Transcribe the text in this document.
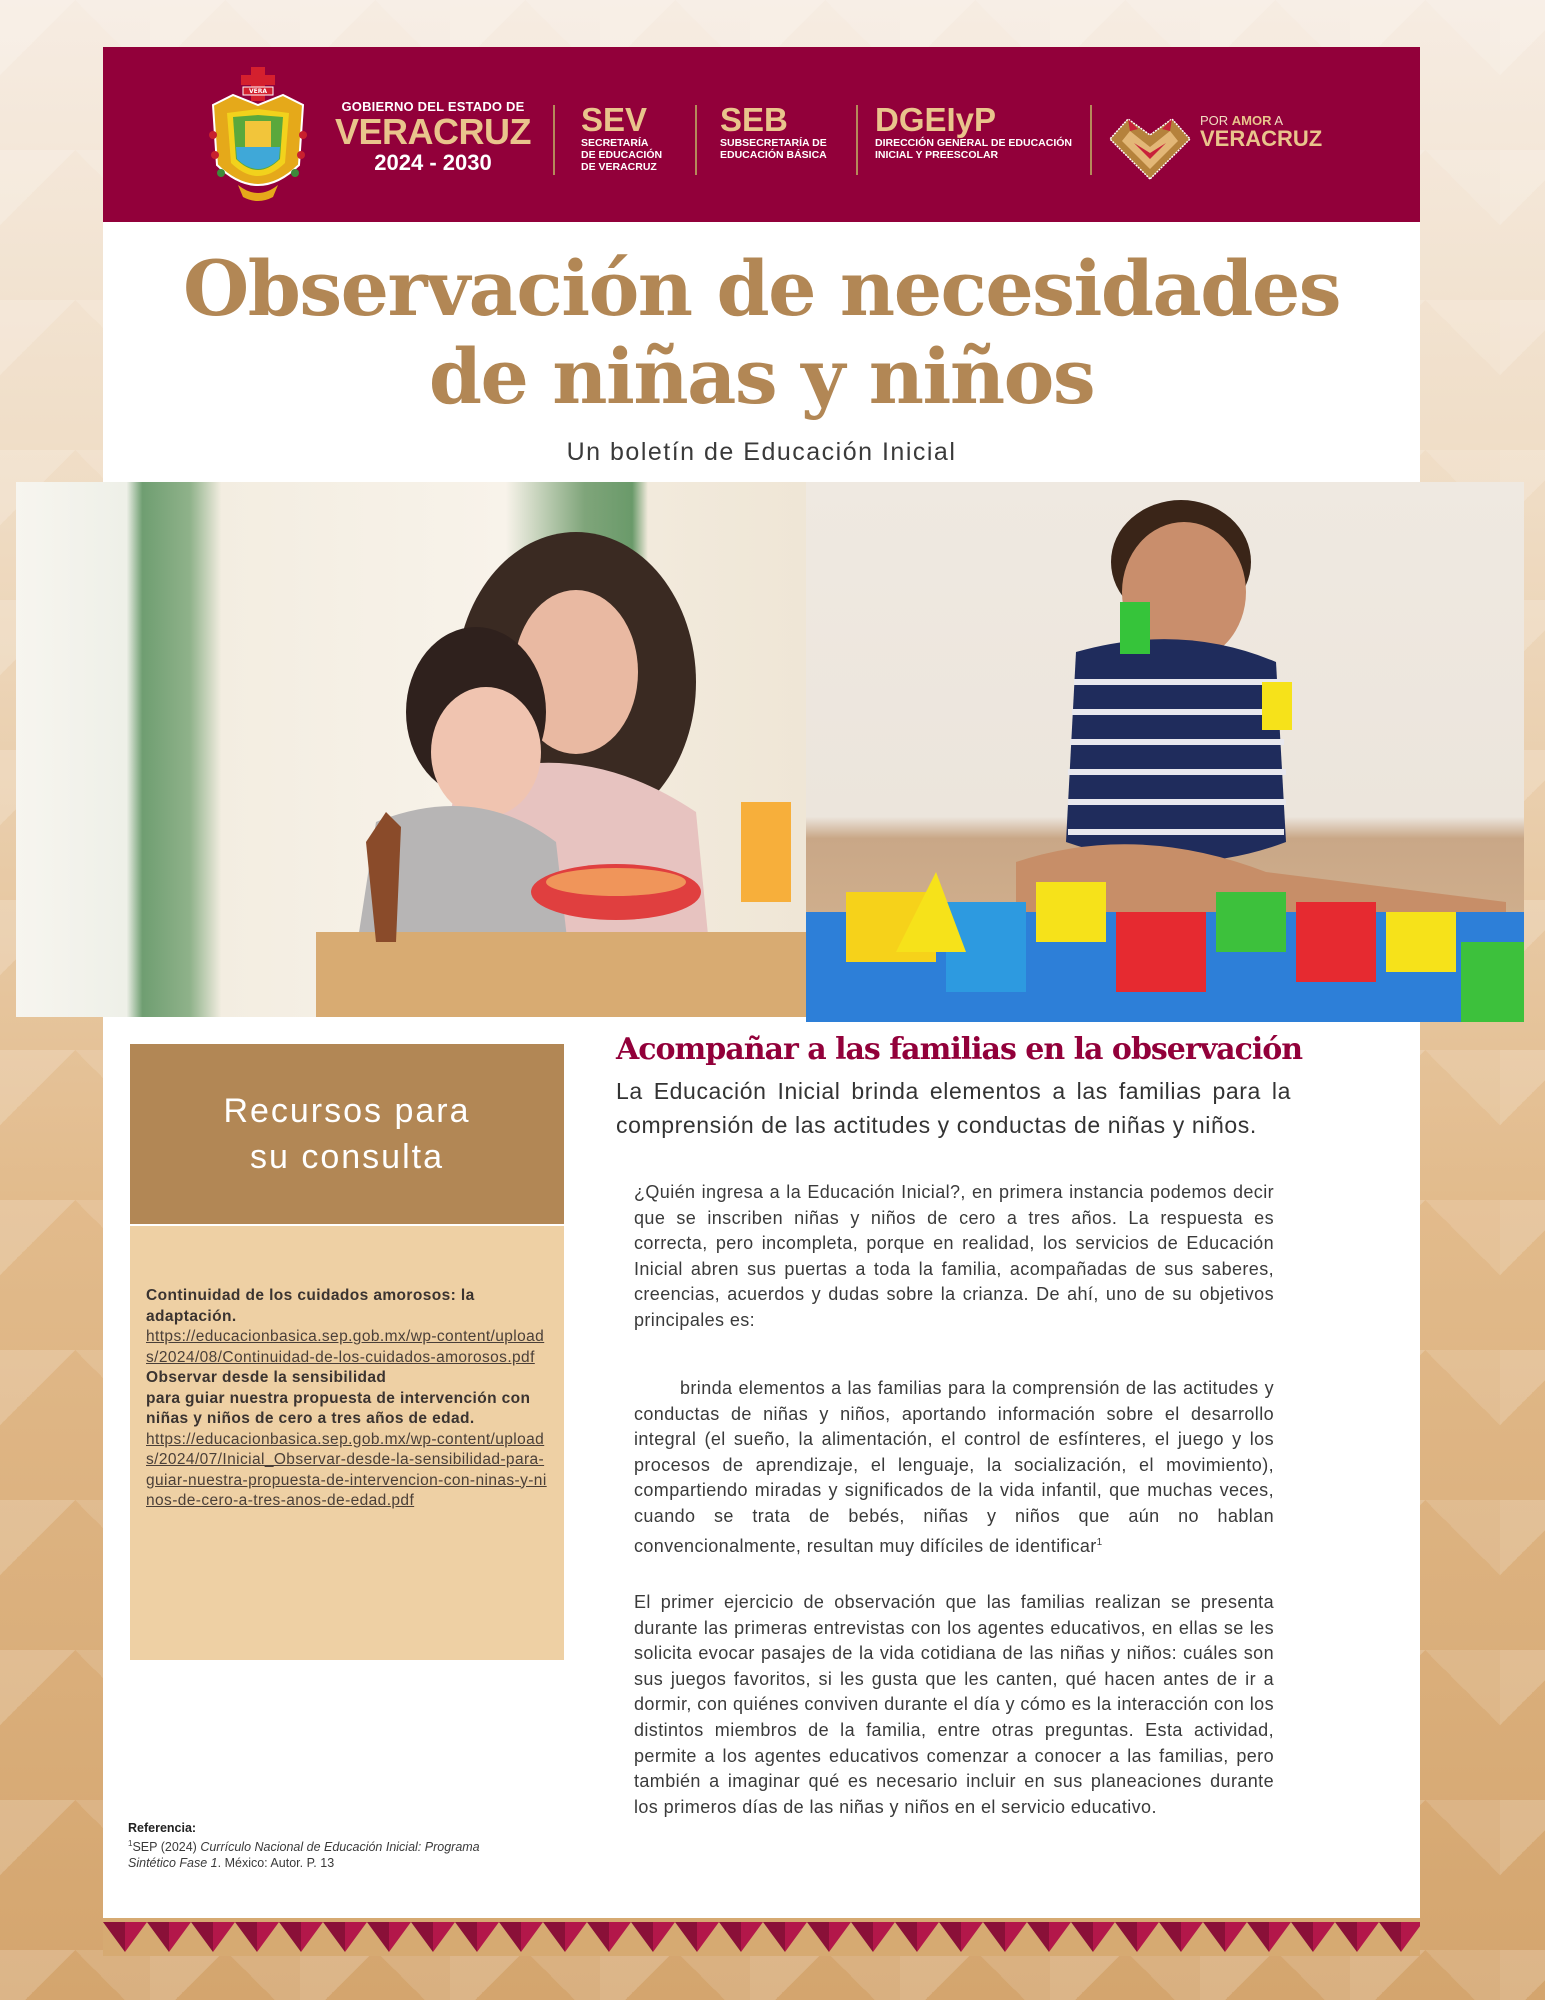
VERA
GOBIERNO DEL ESTADO DE
VERACRUZ
2024 - 2030
SEV
SECRETARÍA
DE EDUCACIÓN
DE VERACRUZ
SEB
SUBSECRETARÍA DE
EDUCACIÓN BÁSICA
DGEIyP
DIRECCIÓN GENERAL DE EDUCACIÓN
INICIAL Y PREESCOLAR
POR AMOR A
VERACRUZ
Observación de necesidades
de niñas y niños
Un boletín de Educación Inicial
Recursos para
su consulta
Continuidad de los cuidados amorosos: la adaptación.
https://educacionbasica.sep.gob.mx/wp-content/uploads/2024/08/Continuidad-de-los-cuidados-amorosos.pdf
Observar desde la sensibilidad
para guiar nuestra propuesta de intervención con niñas y niños de cero a tres años de edad.
https://educacionbasica.sep.gob.mx/wp-content/uploads/2024/07/Inicial_Observar-desde-la-sensibilidad-para-guiar-nuestra-propuesta-de-intervencion-con-ninas-y-ninos-de-cero-a-tres-anos-de-edad.pdf
Referencia:
$^1$SEP (2024) Currículo Nacional de Educación Inicial: Programa Sintético Fase 1. México: Autor. P. 13
Acompañar a las familias en la observación

La Educación Inicial brinda elementos a las familias para la comprensión de las actitudes y conductas de niñas y niños.

¿Quién ingresa a la Educación Inicial?, en primera instancia podemos decir que se inscriben niñas y niños de cero a tres años. La respuesta es correcta, pero incompleta, porque en realidad, los servicios de Educación Inicial abren sus puertas a toda la familia, acompañadas de sus saberes, creencias, acuerdos y dudas sobre la crianza. De ahí, uno de su objetivos principales es:

brinda elementos a las familias para la comprensión de las actitudes y conductas de niñas y niños, aportando información sobre el desarrollo integral (el sueño, la alimentación, el control de esfínteres, el juego y los procesos de aprendizaje, el lenguaje, la socialización, el movimiento), compartiendo miradas y significados de la vida infantil, que muchas veces, cuando se trata de bebés, niñas y niños que aún no hablan convencionalmente, resultan muy difíciles de identificar$^1$

El primer ejercicio de observación que las familias realizan se presenta durante las primeras entrevistas con los agentes educativos, en ellas se les solicita evocar pasajes de la vida cotidiana de las niñas y niños: cuáles son sus juegos favoritos, si les gusta que les canten, qué hacen antes de ir a dormir, con quiénes conviven durante el día y cómo es la interacción con los distintos miembros de la familia, entre otras preguntas. Esta actividad, permite a los agentes educativos comenzar a conocer a las familias, pero también a imaginar qué es necesario incluir en sus planeaciones durante los primeros días de las niñas y niños en el servicio educativo.
